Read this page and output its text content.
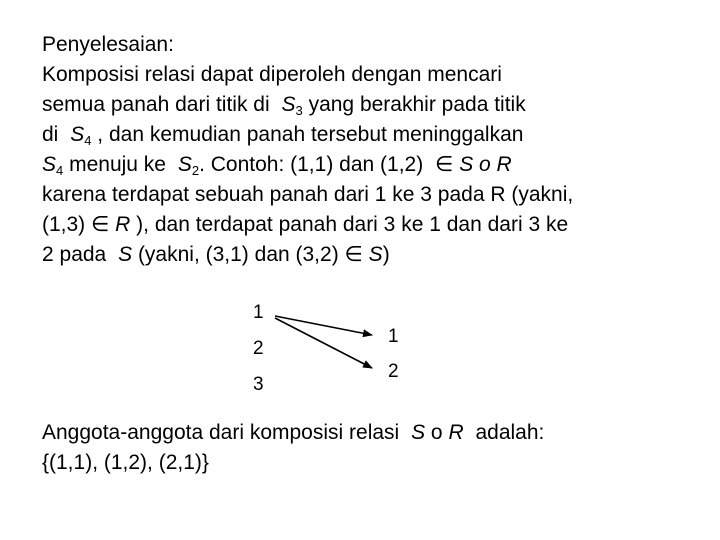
Penyelesaian:
Komposisi relasi dapat diperoleh dengan mencari
semua panah dari titik di $S_3$ yang berakhir pada titik
di $S_4$ , dan kemudian panah tersebut meninggalkan
$S_4$ menuju ke $S_2$. Contoh: (1,1) dan (1,2) ∈ S o R
karena terdapat sebuah panah dari 1 ke 3 pada R (yakni,
(1,3) ∈ R ), dan terdapat panah dari 3 ke 1 dan dari 3 ke
2 pada S (yakni, (3,1) dan (3,2) ∈ S)
1
2
3
1
2
Anggota-anggota dari komposisi relasi S o R adalah:
{(1,1), (1,2), (2,1)}
